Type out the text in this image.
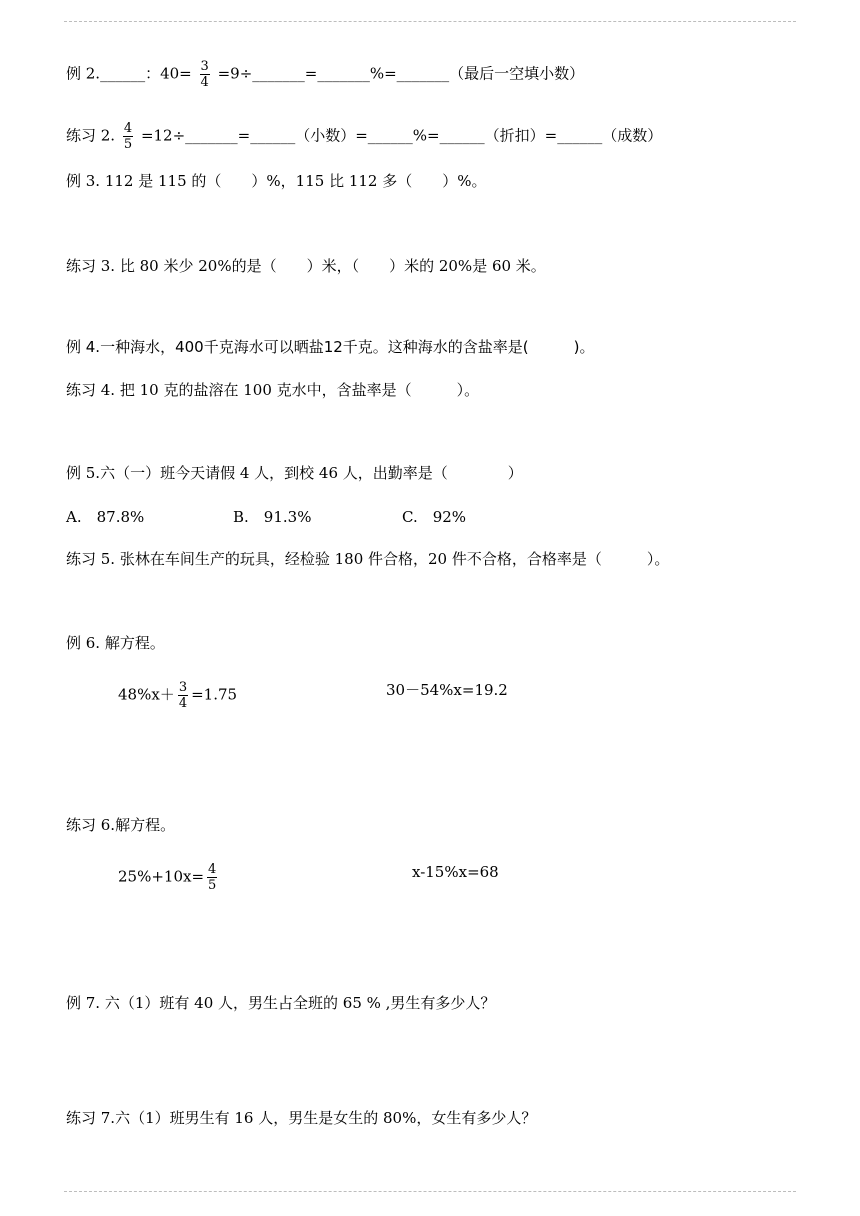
例 2.______：$40= \frac{3}{4}$ =9÷_______=_______%=_______（最后一空填小数）
练习 2. $\frac{4}{5}$ =12÷_______=______（小数）=______%=______（折扣）=______（成数）
例 3. 112 是 115 的（　　）%，115 比 112 多（　　）%。
练习 3. 比 80 米少 20%的是（　　）米，（　　）米的 20%是 60 米。
例 4.一种海水，400千克海水可以晒盐12千克。这种海水的含盐率是(　　　)。
练习 4. 把 10 克的盐溶在 100 克水中，含盐率是（　　　）。
例 5.六（一）班今天请假 4 人，到校 46 人，出勤率是（　　　　）
A.　87.8%	B.　91.3%	C.　92%
练习 5. 张林在车间生产的玩具，经检验 180 件合格，20 件不合格，合格率是（　　　）。
例 6. 解方程。
$48\%x+ \frac{3}{4} =1.75$	30－54%x=19.2
练习 6.解方程。
$25\%+10x= \frac{4}{5}$	x-15%x=68
例 7. 六（1）班有 40 人，男生占全班的 65 % ,男生有多少人？
练习 7.六（1）班男生有 16 人，男生是女生的 80%，女生有多少人？
